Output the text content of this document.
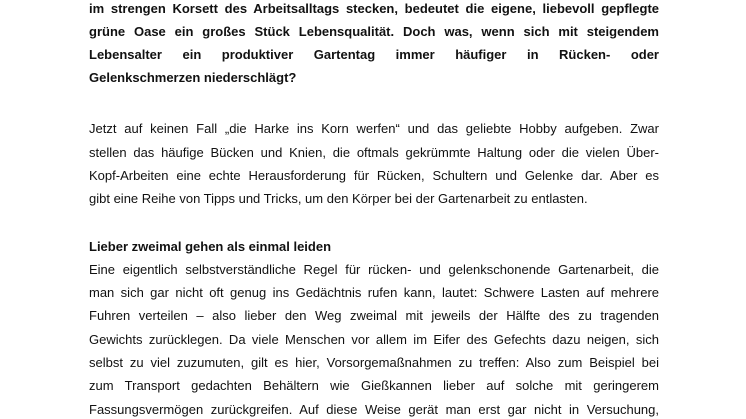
im strengen Korsett des Arbeitsalltags stecken, bedeutet die eigene, liebevoll gepflegte
grüne Oase ein großes Stück Lebensqualität. Doch was, wenn sich mit steigendem
Lebensalter ein produktiver Gartentag immer häufiger in Rücken- oder
Gelenkschmerzen niederschlägt?
Jetzt auf keinen Fall „die Harke ins Korn werfen“ und das geliebte Hobby aufgeben. Zwar
stellen das häufige Bücken und Knien, die oftmals gekrümmte Haltung oder die vielen Über-
Kopf-Arbeiten eine echte Herausforderung für Rücken, Schultern und Gelenke dar. Aber es
gibt eine Reihe von Tipps und Tricks, um den Körper bei der Gartenarbeit zu entlasten.
Lieber zweimal gehen als einmal leiden
Eine eigentlich selbstverständliche Regel für rücken- und gelenkschonende Gartenarbeit, die
man sich gar nicht oft genug ins Gedächtnis rufen kann, lautet: Schwere Lasten auf mehrere
Fuhren verteilen – also lieber den Weg zweimal mit jeweils der Hälfte des zu tragenden
Gewichts zurücklegen. Da viele Menschen vor allem im Eifer des Gefechts dazu neigen, sich
selbst zu viel zuzumuten, gilt es hier, Vorsorgemaßnahmen zu treffen: Also zum Beispiel bei
zum Transport gedachten Behältern wie Gießkannen lieber auf solche mit geringerem
Fassungsvermögen zurückgreifen. Auf diese Weise gerät man erst gar nicht in Versuchung,
